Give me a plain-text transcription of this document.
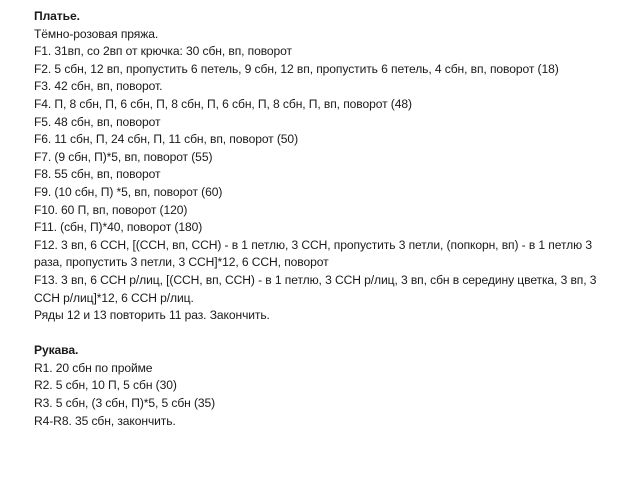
Платье.

Тёмно-розовая пряжа.

F1. 31вп, со 2вп от крючка: 30 сбн, вп, поворот

F2. 5 сбн, 12 вп, пропустить 6 петель, 9 сбн, 12 вп, пропустить 6 петель, 4 сбн, вп, поворот (18)

F3. 42 сбн, вп, поворот.

F4. П, 8 сбн, П, 6 сбн, П, 8 сбн, П, 6 сбн, П, 8 сбн, П, вп, поворот (48)

F5. 48 сбн, вп, поворот

F6. 11 сбн, П, 24 сбн, П, 11 сбн, вп, поворот (50)

F7. (9 сбн, П)*5, вп, поворот (55)

F8. 55 сбн, вп, поворот

F9. (10 сбн, П) *5, вп, поворот (60)

F10. 60 П, вп, поворот (120)

F11. (сбн, П)*40, поворот (180)

F12. 3 вп, 6 ССН, [(ССН, вп, ССН) - в 1 петлю, 3 ССН, пропустить 3 петли, (попкорн, вп) - в 1 петлю 3 раза, пропустить 3 петли, 3 ССН]*12, 6 ССН, поворот

F13. 3 вп, 6 ССН р/лиц, [(ССН, вп, ССН) - в 1 петлю, 3 ССН р/лиц, 3 вп, сбн в середину цветка, 3 вп, 3 ССН р/лиц]*12, 6 ССН р/лиц.

Ряды 12 и 13 повторить 11 раз. Закончить.

Рукава.

R1. 20 сбн по пройме

R2. 5 сбн, 10 П, 5 сбн (30)

R3. 5 сбн, (3 сбн, П)*5, 5 сбн (35)

R4-R8. 35 сбн, закончить.
